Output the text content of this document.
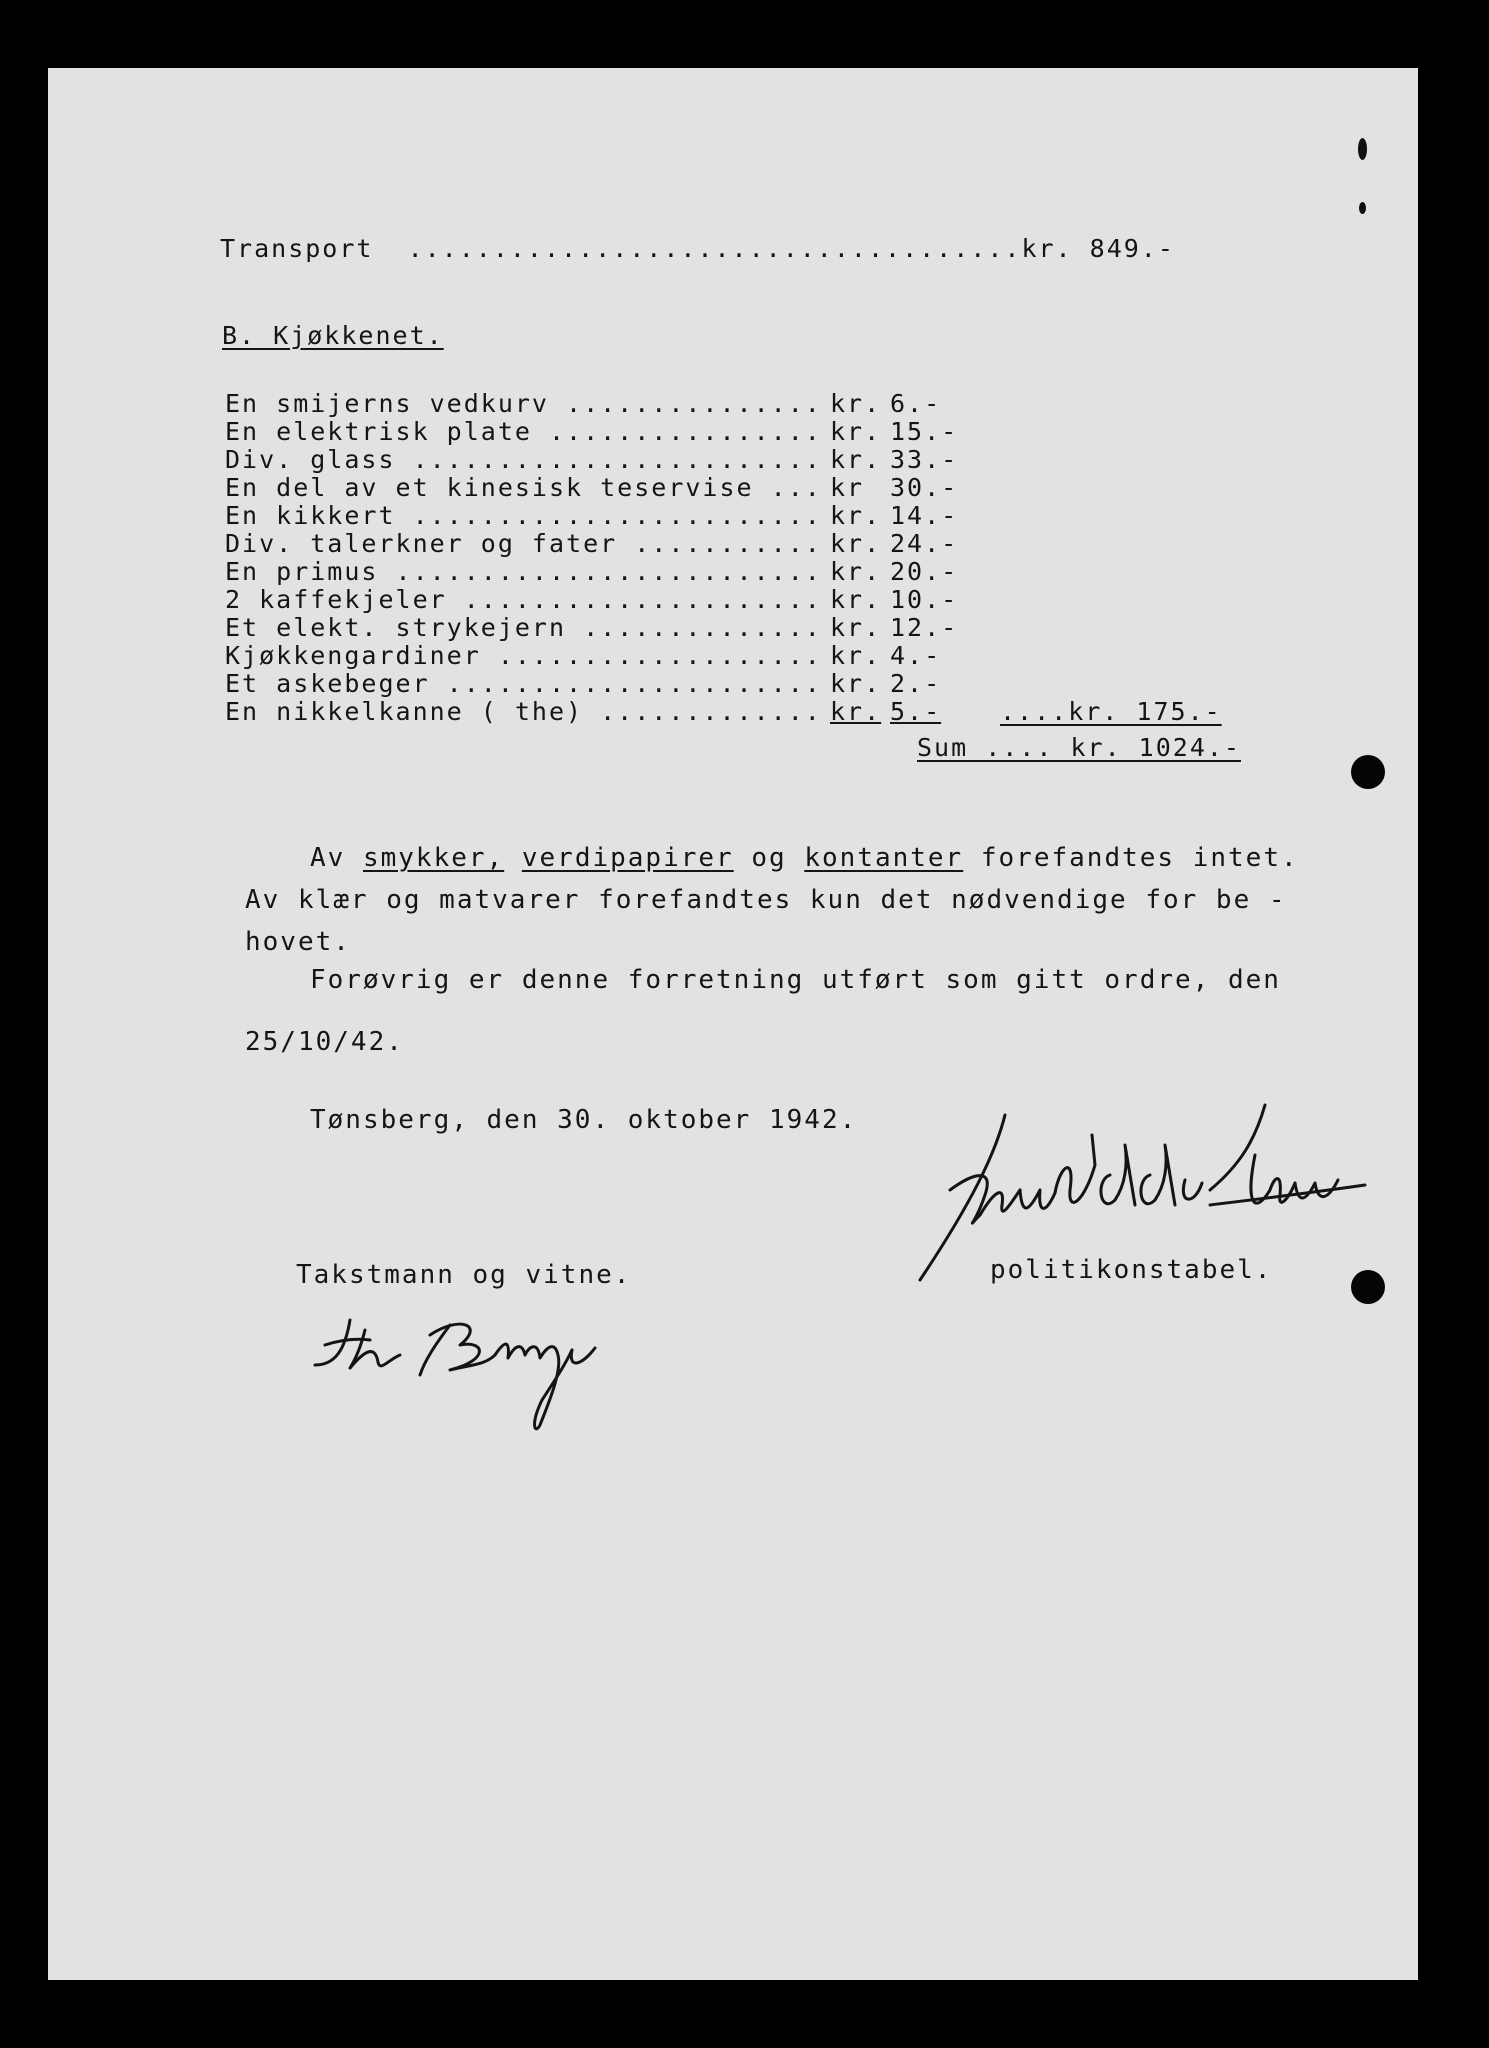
Transport ....................................kr. 849.-
B. Kjøkkenet.
En smijerns vedkurv ...............	kr.	6.-	
En elektrisk plate ................	kr.	15.-	
Div. glass ........................	kr.	33.-	
En del av et kinesisk teservise ...	kr	30.-	
En kikkert ........................	kr.	14.-	
Div. talerkner og fater ...........	kr.	24.-	
En primus .........................	kr.	20.-	
2 kaffekjeler .....................	kr.	10.-	
Et elekt. strykejern ..............	kr.	12.-	
Kjøkkengardiner ...................	kr.	4.-	
Et askebeger ......................	kr.	2.-	
En nikkelkanne ( the) .............	kr.	5.-	....kr. 175.-
Sum .... kr. 1024.-
Av smykker, verdipapirer og kontanter forefandtes intet.
Av klær og matvarer forefandtes kun det nødvendige for be -
hovet.
Forøvrig er denne forretning utført som gitt ordre, den
25/10/42.
Tønsberg, den 30. oktober 1942.
politikonstabel.
Takstmann og vitne.
